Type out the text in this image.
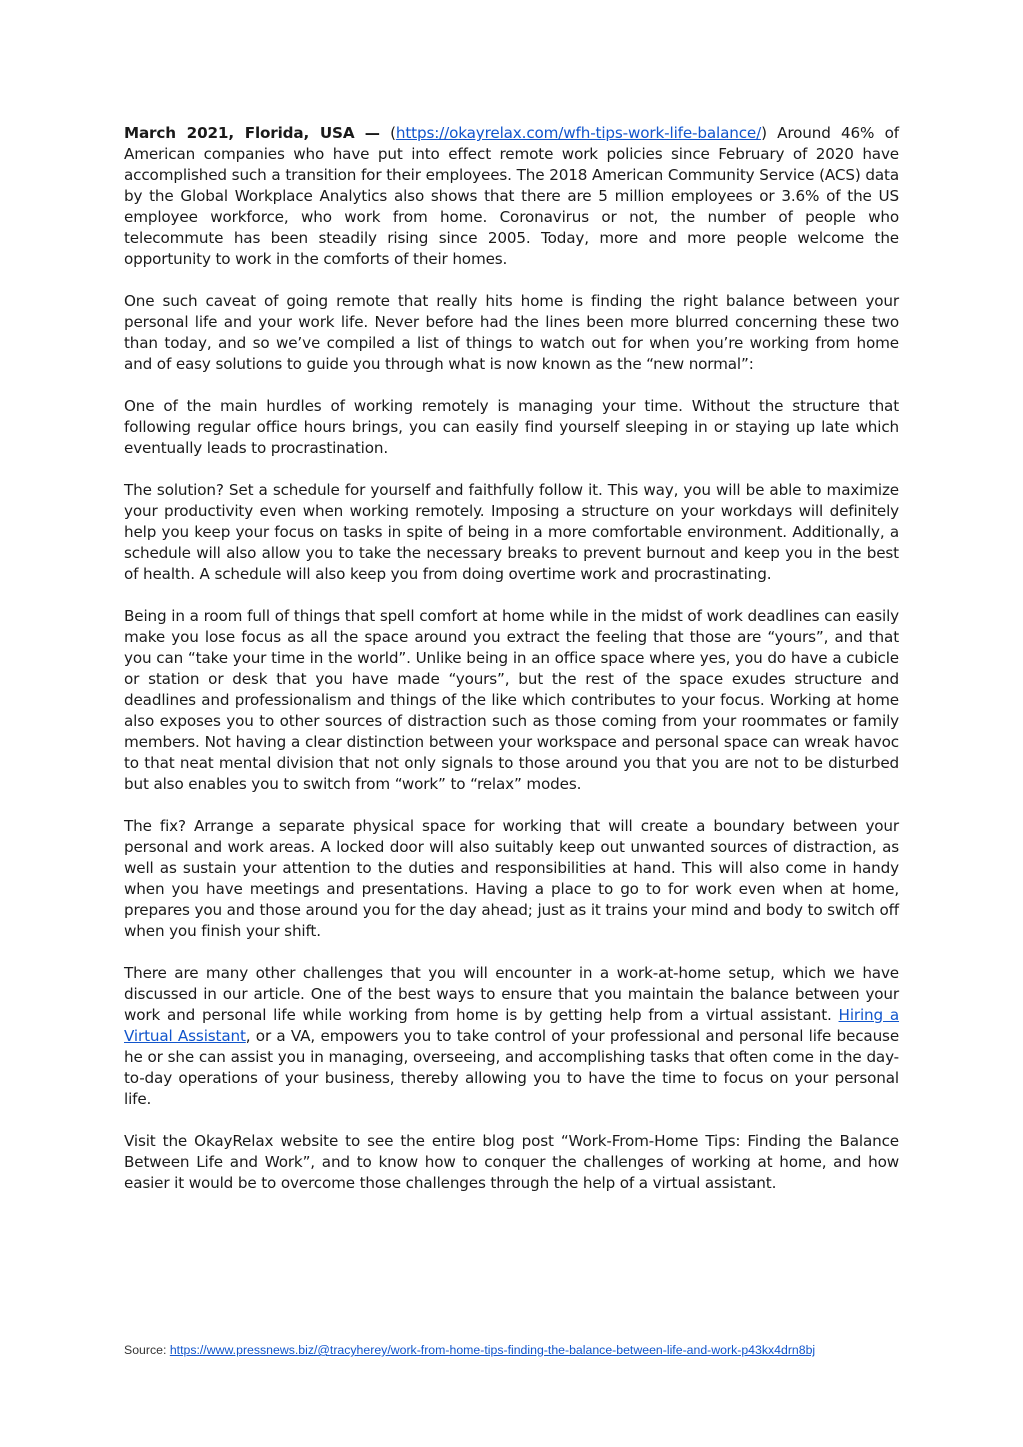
March 2021, Florida, USA — (https://okayrelax.com/wfh-tips-work-life-balance/) Around 46% of American companies who have put into effect remote work policies since February of 2020 have accomplished such a transition for their employees. The 2018 American Community Service (ACS) data by the Global Workplace Analytics also shows that there are 5 million employees or 3.6% of the US employee workforce, who work from home. Coronavirus or not, the number of people who telecommute has been steadily rising since 2005. Today, more and more people welcome the opportunity to work in the comforts of their homes.

One such caveat of going remote that really hits home is finding the right balance between your personal life and your work life. Never before had the lines been more blurred concerning these two than today, and so we’ve compiled a list of things to watch out for when you’re working from home and of easy solutions to guide you through what is now known as the “new normal”:

One of the main hurdles of working remotely is managing your time. Without the structure that following regular office hours brings, you can easily find yourself sleeping in or staying up late which eventually leads to procrastination.

The solution? Set a schedule for yourself and faithfully follow it. This way, you will be able to maximize your productivity even when working remotely. Imposing a structure on your workdays will definitely help you keep your focus on tasks in spite of being in a more comfortable environment. Additionally, a schedule will also allow you to take the necessary breaks to prevent burnout and keep you in the best of health. A schedule will also keep you from doing overtime work and procrastinating.

Being in a room full of things that spell comfort at home while in the midst of work deadlines can easily make you lose focus as all the space around you extract the feeling that those are “yours”, and that you can “take your time in the world”. Unlike being in an office space where yes, you do have a cubicle or station or desk that you have made “yours”, but the rest of the space exudes structure and deadlines and professionalism and things of the like which contributes to your focus. Working at home also exposes you to other sources of distraction such as those coming from your roommates or family members. Not having a clear distinction between your workspace and personal space can wreak havoc to that neat mental division that not only signals to those around you that you are not to be disturbed but also enables you to switch from “work” to “relax” modes.

The fix? Arrange a separate physical space for working that will create a boundary between your personal and work areas. A locked door will also suitably keep out unwanted sources of distraction, as well as sustain your attention to the duties and responsibilities at hand. This will also come in handy when you have meetings and presentations. Having a place to go to for work even when at home, prepares you and those around you for the day ahead; just as it trains your mind and body to switch off when you finish your shift.

There are many other challenges that you will encounter in a work-at-home setup, which we have discussed in our article. One of the best ways to ensure that you maintain the balance between your work and personal life while working from home is by getting help from a virtual assistant. Hiring a Virtual Assistant, or a VA, empowers you to take control of your professional and personal life because he or she can assist you in managing, overseeing, and accomplishing tasks that often come in the day-to-day operations of your business, thereby allowing you to have the time to focus on your personal life.

Visit the OkayRelax website to see the entire blog post “Work-From-Home Tips: Finding the Balance Between Life and Work”, and to know how to conquer the challenges of working at home, and how easier it would be to overcome those challenges through the help of a virtual assistant.

Source: https://www.pressnews.biz/@tracyherey/work-from-home-tips-finding-the-balance-between-life-and-work-p43kx4drn8bj
